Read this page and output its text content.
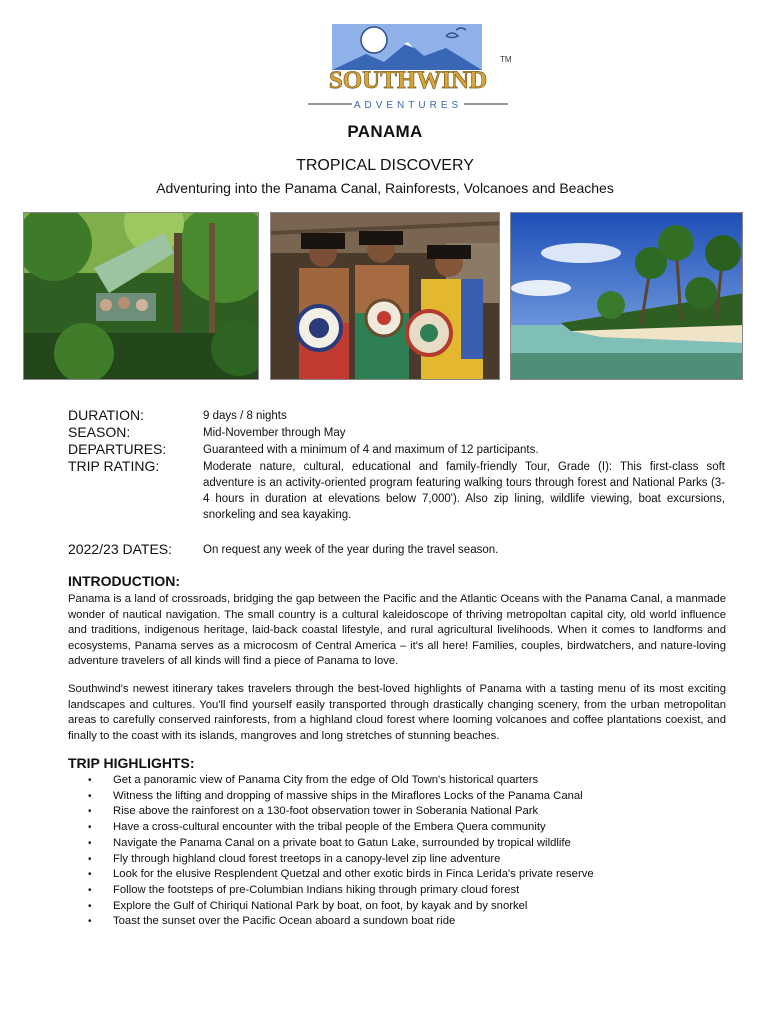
SOUTHWIND
TM
ADVENTURES
PANAMA
TROPICAL DISCOVERY
Adventuring into the Panama Canal, Rainforests, Volcanoes and Beaches
DURATION:	9 days / 8 nights
SEASON:	Mid-November through May
DEPARTURES:	Guaranteed with a minimum of 4 and maximum of 12 participants.
TRIP RATING:	Moderate nature, cultural, educational and family-friendly Tour, Grade (I): This first-class soft adventure is an activity-oriented program featuring walking tours through forest and National Parks (3-4 hours in duration at elevations below 7,000'). Also zip lining, wildlife viewing, boat excursions, snorkeling and sea kayaking.
2022/23 DATES:	On request any week of the year during the travel season.
INTRODUCTION:

Panama is a land of crossroads, bridging the gap between the Pacific and the Atlantic Oceans with the Panama Canal, a manmade wonder of nautical navigation. The small country is a cultural kaleidoscope of thriving metropoltan capital city, old world influence and traditions, indigenous heritage, laid-back coastal lifestyle, and rural agricultural livelihoods. When it comes to landforms and ecosystems, Panama serves as a microcosm of Central America – it's all here! Families, couples, birdwatchers, and nature-loving adventure travelers of all kinds will find a piece of Panama to love.

Southwind's newest itinerary takes travelers through the best-loved highlights of Panama with a tasting menu of its most exciting landscapes and cultures. You'll find yourself easily transported through drastically changing scenery, from the urban metropolitan areas to carefully conserved rainforests, from a highland cloud forest where looming volcanoes and coffee plantations coexist, and finally to the coast with its islands, mangroves and long stretches of stunning beaches.

TRIP HIGHLIGHTS:
•	Get a panoramic view of Panama City from the edge of Old Town's historical quarters
•	Witness the lifting and dropping of massive ships in the Miraflores Locks of the Panama Canal
•	Rise above the rainforest on a 130-foot observation tower in Soberania National Park
•	Have a cross-cultural encounter with the tribal people of the Embera Quera community
•	Navigate the Panama Canal on a private boat to Gatun Lake, surrounded by tropical wildlife
•	Fly through highland cloud forest treetops in a canopy-level zip line adventure
•	Look for the elusive Resplendent Quetzal and other exotic birds in Finca Lerida's private reserve
•	Follow the footsteps of pre-Columbian Indians hiking through primary cloud forest
•	Explore the Gulf of Chiriqui National Park by boat, on foot, by kayak and by snorkel
•	Toast the sunset over the Pacific Ocean aboard a sundown boat ride
